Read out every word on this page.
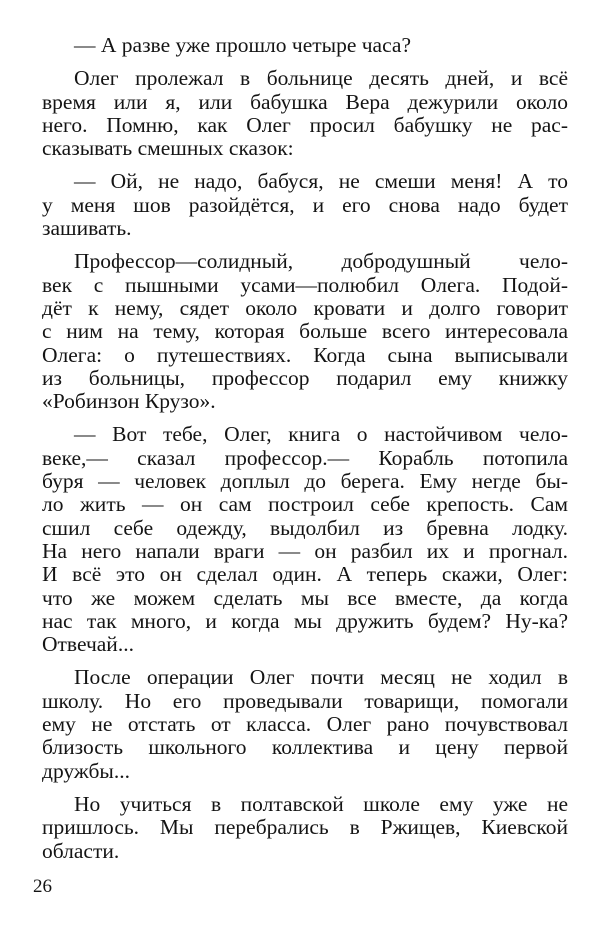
— А разве уже прошло четыре часа?
Олег пролежал в больнице десять дней, и всё
время или я, или бабушка Вера дежурили около
него. Помню, как Олег просил бабушку не рас-
сказывать смешных сказок:
— Ой, не надо, бабуся, не смеши меня! А то
у меня шов разойдётся, и его снова надо будет
зашивать.
Профессор—солидный, добродушный чело-
век с пышными усами—полюбил Олега. Подой-
дёт к нему, сядет около кровати и долго говорит
с ним на тему, которая больше всего интересовала
Олега: о путешествиях. Когда сына выписывали
из больницы, профессор подарил ему книжку
«Робинзон Крузо».
— Вот тебе, Олег, книга о настойчивом чело-
веке,— сказал профессор.— Корабль потопила
буря — человек доплыл до берега. Ему негде бы-
ло жить — он сам построил себе крепость. Сам
сшил себе одежду, выдолбил из бревна лодку.
На него напали враги — он разбил их и прогнал.
И всё это он сделал один. А теперь скажи, Олег:
что же можем сделать мы все вместе, да когда
нас так много, и когда мы дружить будем? Ну-ка?
Отвечай...
После операции Олег почти месяц не ходил в
школу. Но его проведывали товарищи, помогали
ему не отстать от класса. Олег рано почувствовал
близость школьного коллектива и цену первой
дружбы...
Но учиться в полтавской школе ему уже не
пришлось. Мы перебрались в Ржищев, Киевской
области.
26
